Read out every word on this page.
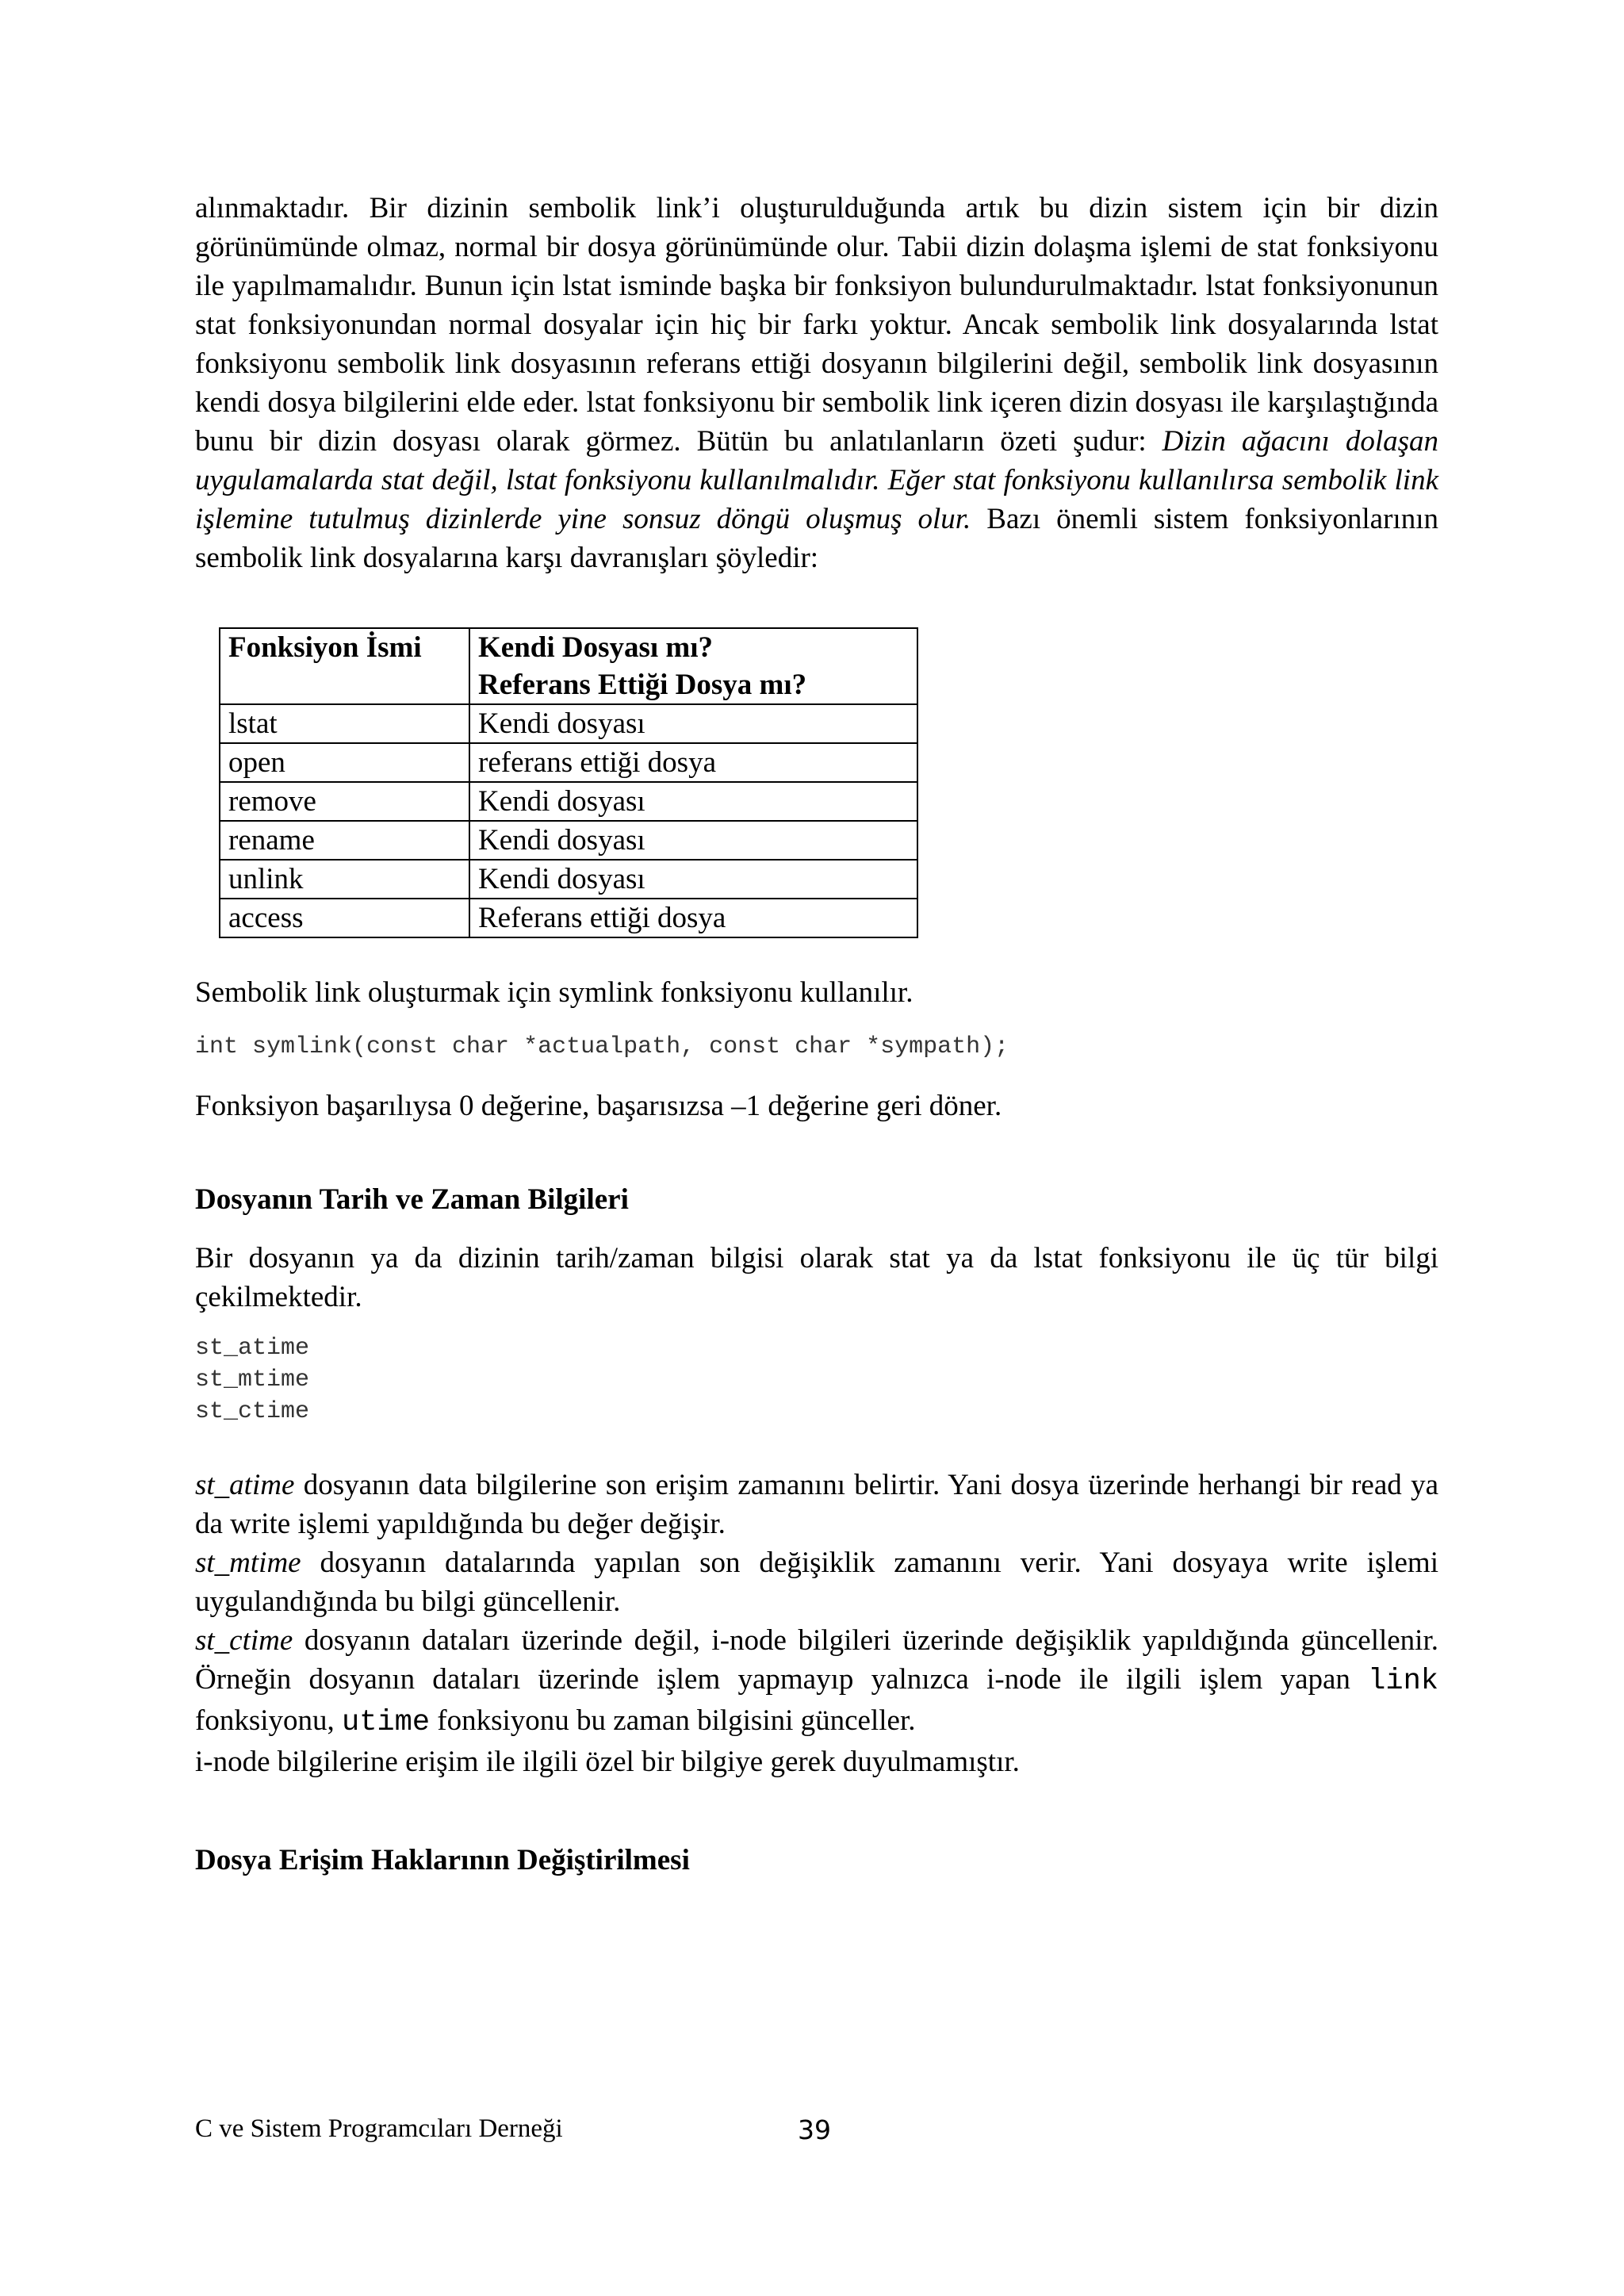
alınmaktadır. Bir dizinin sembolik link’i oluşturulduğunda artık bu dizin sistem için bir dizin görünümünde olmaz, normal bir dosya görünümünde olur. Tabii dizin dolaşma işlemi de stat fonksiyonu ile yapılmamalıdır. Bunun için lstat isminde başka bir fonksiyon bulundurulmaktadır. lstat fonksiyonunun stat fonksiyonundan normal dosyalar için hiç bir farkı yoktur. Ancak sembolik link dosyalarında lstat fonksiyonu sembolik link dosyasının referans ettiği dosyanın bilgilerini değil, sembolik link dosyasının kendi dosya bilgilerini elde eder. lstat fonksiyonu bir sembolik link içeren dizin dosyası ile karşılaştığında bunu bir dizin dosyası olarak görmez. Bütün bu anlatılanların özeti şudur: Dizin ağacını dolaşan uygulamalarda stat değil, lstat fonksiyonu kullanılmalıdır. Eğer stat fonksiyonu kullanılırsa sembolik link işlemine tutulmuş dizinlerde yine sonsuz döngü oluşmuş olur. Bazı önemli sistem fonksiyonlarının sembolik link dosyalarına karşı davranışları şöyledir:

Fonksiyon İsmi	Kendi Dosyası mı?
Referans Ettiği Dosya mı?
lstat	Kendi dosyası
open	referans ettiği dosya
remove	Kendi dosyası
rename	Kendi dosyası
unlink	Kendi dosyası
access	Referans ettiği dosya

Sembolik link oluşturmak için symlink fonksiyonu kullanılır.

int symlink(const char *actualpath, const char *sympath);

Fonksiyon başarılıysa 0 değerine, başarısızsa –1 değerine geri döner.

Dosyanın Tarih ve Zaman Bilgileri

Bir dosyanın ya da dizinin tarih/zaman bilgisi olarak stat ya da lstat fonksiyonu ile üç tür bilgi çekilmektedir.

st_atime
st_mtime
st_ctime

st_atime dosyanın data bilgilerine son erişim zamanını belirtir. Yani dosya üzerinde herhangi bir read ya da write işlemi yapıldığında bu değer değişir.

st_mtime dosyanın datalarında yapılan son değişiklik zamanını verir. Yani dosyaya write işlemi uygulandığında bu bilgi güncellenir.

st_ctime dosyanın dataları üzerinde değil, i-node bilgileri üzerinde değişiklik yapıldığında güncellenir. Örneğin dosyanın dataları üzerinde işlem yapmayıp yalnızca i-node ile ilgili işlem yapan link fonksiyonu, utime fonksiyonu bu zaman bilgisini günceller.

i-node bilgilerine erişim ile ilgili özel bir bilgiye gerek duyulmamıştır.

Dosya Erişim Haklarının Değiştirilmesi
C ve Sistem Programcıları Derneği	39
